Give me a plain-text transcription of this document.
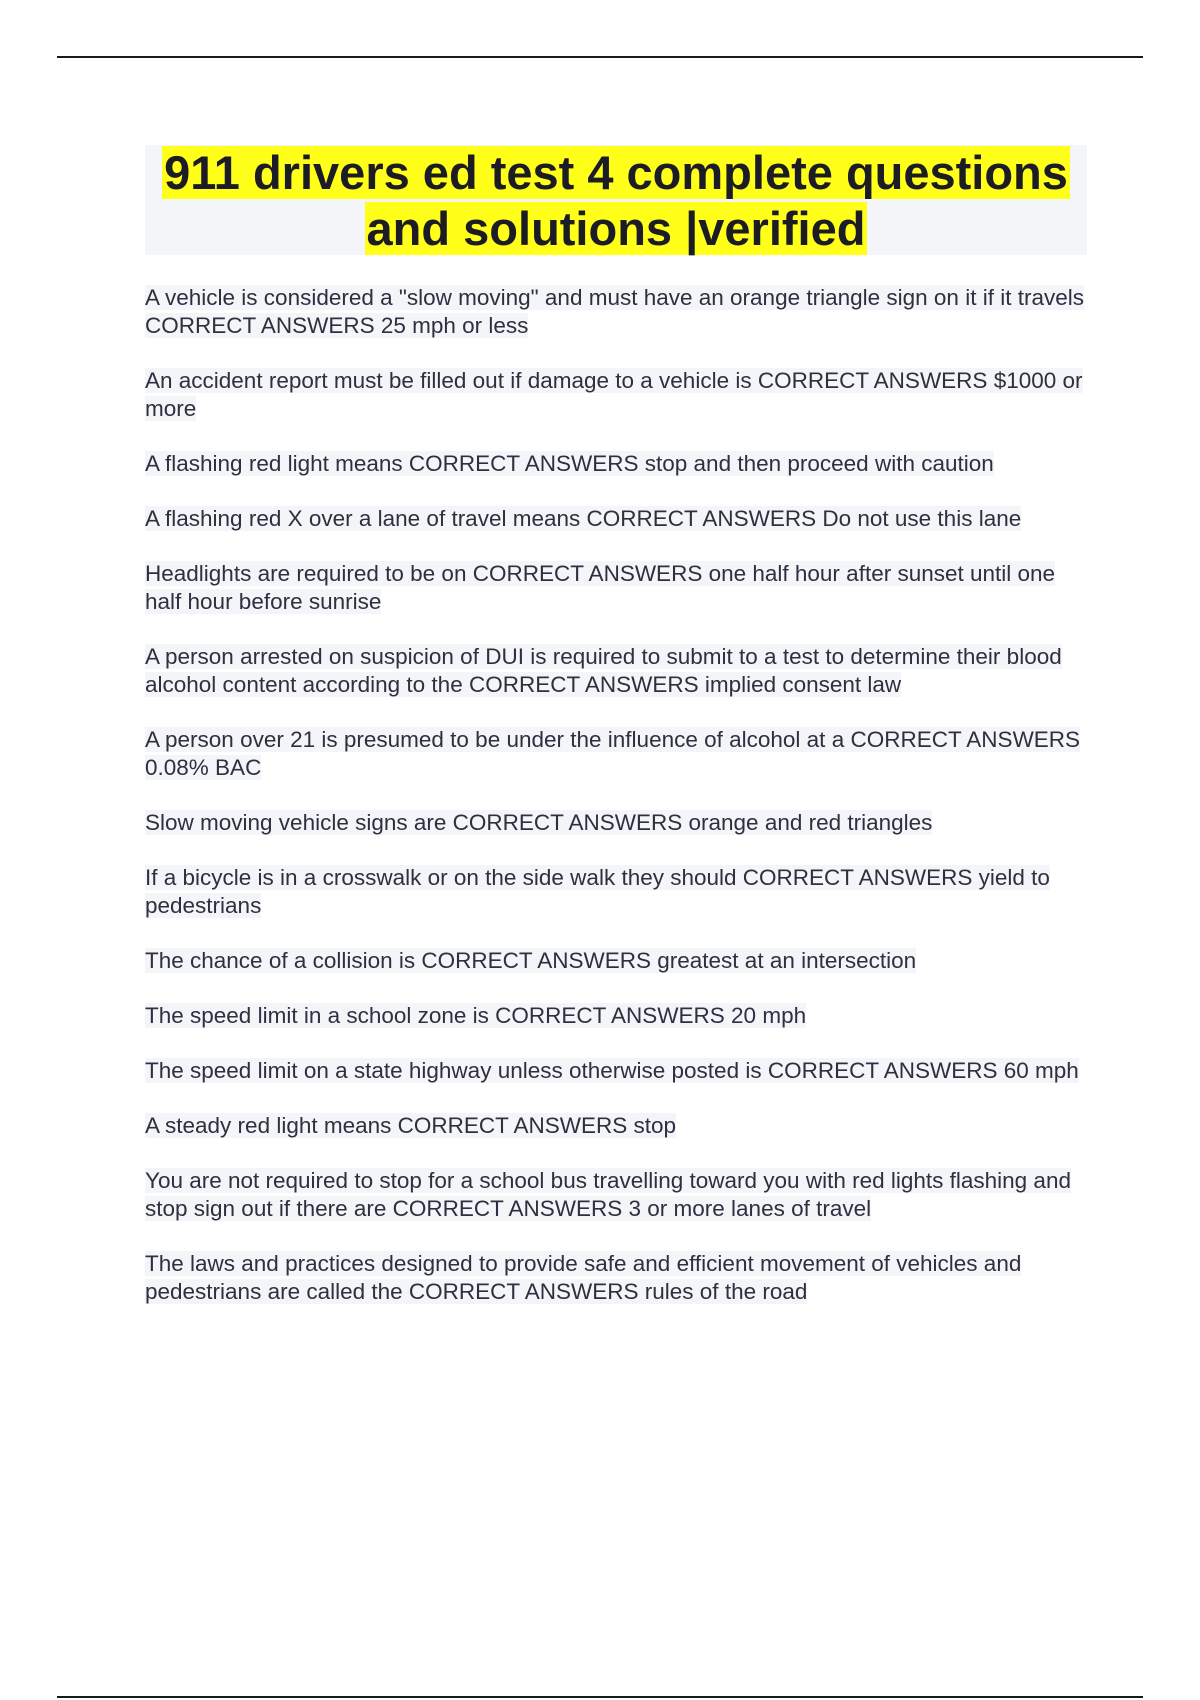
911 drivers ed test 4 complete questions and solutions |verified

A vehicle is considered a "slow moving" and must have an orange triangle sign on it if it travels CORRECT ANSWERS 25 mph or less

An accident report must be filled out if damage to a vehicle is CORRECT ANSWERS $1000 or more

A flashing red light means CORRECT ANSWERS stop and then proceed with caution

A flashing red X over a lane of travel means CORRECT ANSWERS Do not use this lane

Headlights are required to be on CORRECT ANSWERS one half hour after sunset until one half hour before sunrise

A person arrested on suspicion of DUI is required to submit to a test to determine their blood alcohol content according to the CORRECT ANSWERS implied consent law

A person over 21 is presumed to be under the influence of alcohol at a CORRECT ANSWERS 0.08% BAC

Slow moving vehicle signs are CORRECT ANSWERS orange and red triangles

If a bicycle is in a crosswalk or on the side walk they should CORRECT ANSWERS yield to pedestrians

The chance of a collision is CORRECT ANSWERS greatest at an intersection

The speed limit in a school zone is CORRECT ANSWERS 20 mph

The speed limit on a state highway unless otherwise posted is CORRECT ANSWERS 60 mph

A steady red light means CORRECT ANSWERS stop

You are not required to stop for a school bus travelling toward you with red lights flashing and stop sign out if there are CORRECT ANSWERS 3 or more lanes of travel

The laws and practices designed to provide safe and efficient movement of vehicles and pedestrians are called the CORRECT ANSWERS rules of the road
